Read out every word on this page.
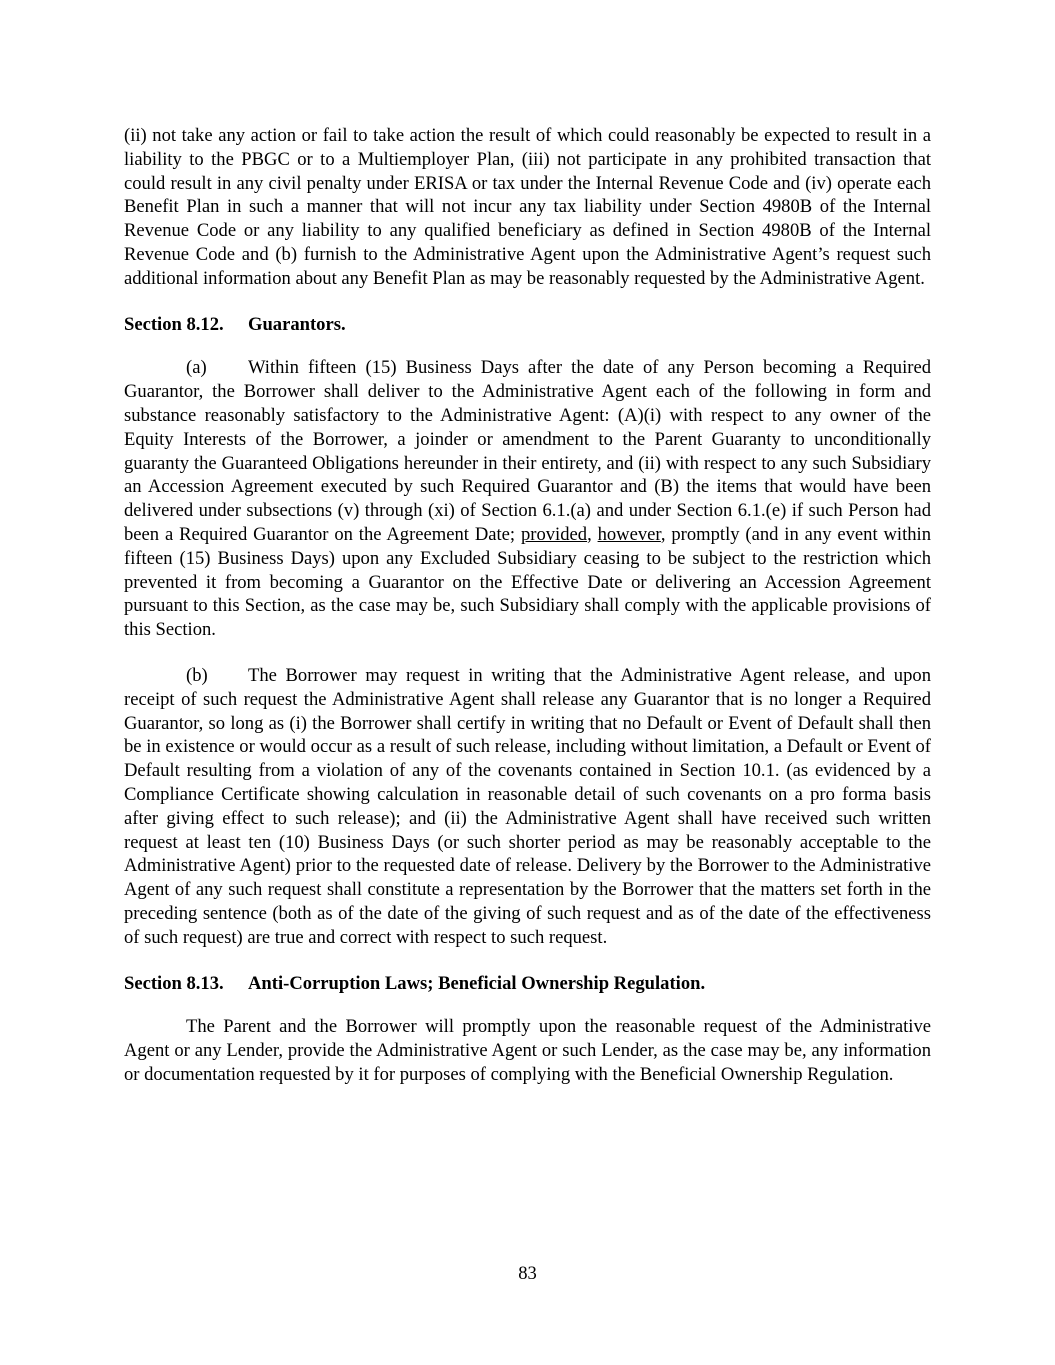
(ii) not take any action or fail to take action the result of which could reasonably be expected to result in a liability to the PBGC or to a Multiemployer Plan, (iii) not participate in any prohibited transaction that could result in any civil penalty under ERISA or tax under the Internal Revenue Code and (iv) operate each Benefit Plan in such a manner that will not incur any tax liability under Section 4980B of the Internal Revenue Code or any liability to any qualified beneficiary as defined in Section 4980B of the Internal Revenue Code and (b) furnish to the Administrative Agent upon the Administrative Agent’s request such additional information about any Benefit Plan as may be reasonably requested by the Administrative Agent.

Section 8.12. Guarantors.

(a) Within fifteen (15) Business Days after the date of any Person becoming a Required Guarantor, the Borrower shall deliver to the Administrative Agent each of the following in form and substance reasonably satisfactory to the Administrative Agent: (A)(i) with respect to any owner of the Equity Interests of the Borrower, a joinder or amendment to the Parent Guaranty to unconditionally guaranty the Guaranteed Obligations hereunder in their entirety, and (ii) with respect to any such Subsidiary an Accession Agreement executed by such Required Guarantor and (B) the items that would have been delivered under subsections (v) through (xi) of Section 6.1.(a) and under Section 6.1.(e) if such Person had been a Required Guarantor on the Agreement Date; provided, however, promptly (and in any event within fifteen (15) Business Days) upon any Excluded Subsidiary ceasing to be subject to the restriction which prevented it from becoming a Guarantor on the Effective Date or delivering an Accession Agreement pursuant to this Section, as the case may be, such Subsidiary shall comply with the applicable provisions of this Section.

(b) The Borrower may request in writing that the Administrative Agent release, and upon receipt of such request the Administrative Agent shall release any Guarantor that is no longer a Required Guarantor, so long as (i) the Borrower shall certify in writing that no Default or Event of Default shall then be in existence or would occur as a result of such release, including without limitation, a Default or Event of Default resulting from a violation of any of the covenants contained in Section 10.1. (as evidenced by a Compliance Certificate showing calculation in reasonable detail of such covenants on a pro forma basis after giving effect to such release); and (ii) the Administrative Agent shall have received such written request at least ten (10) Business Days (or such shorter period as may be reasonably acceptable to the Administrative Agent) prior to the requested date of release. Delivery by the Borrower to the Administrative Agent of any such request shall constitute a representation by the Borrower that the matters set forth in the preceding sentence (both as of the date of the giving of such request and as of the date of the effectiveness of such request) are true and correct with respect to such request.

Section 8.13. Anti-Corruption Laws; Beneficial Ownership Regulation.

The Parent and the Borrower will promptly upon the reasonable request of the Administrative Agent or any Lender, provide the Administrative Agent or such Lender, as the case may be, any information or documentation requested by it for purposes of complying with the Beneficial Ownership Regulation.

83
